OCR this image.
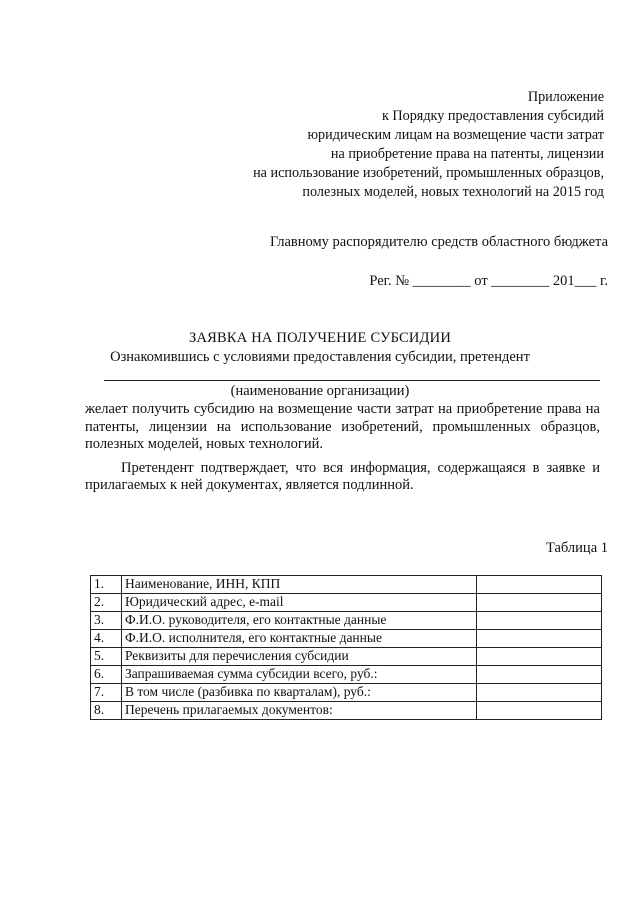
Приложение
к Порядку предоставления субсидий
юридическим лицам на возмещение части затрат
на приобретение права на патенты, лицензии
на использование изобретений, промышленных образцов,
полезных моделей, новых технологий на 2015 год
Главному распорядителю средств областного бюджета
Рег. № ________ от ________ 201___ г.
ЗАЯВКА НА ПОЛУЧЕНИЕ СУБСИДИИ
Ознакомившись с условиями предоставления субсидии, претендент
(наименование организации)

желает получить субсидию на возмещение части затрат на приобретение права на патенты, лицензии на использование изобретений, промышленных образцов, полезных моделей, новых технологий.

Претендент подтверждает, что вся информация, содержащаяся в заявке и прилагаемых к ней документах, является подлинной.

Таблица 1
1.	Наименование, ИНН, КПП	
2.	Юридический адрес, e-mail	
3.	Ф.И.О. руководителя, его контактные данные	
4.	Ф.И.О. исполнителя, его контактные данные	
5.	Реквизиты для перечисления субсидии	
6.	Запрашиваемая сумма субсидии всего, руб.:	
7.	В том числе (разбивка по кварталам), руб.:	
8.	Перечень прилагаемых документов:	
